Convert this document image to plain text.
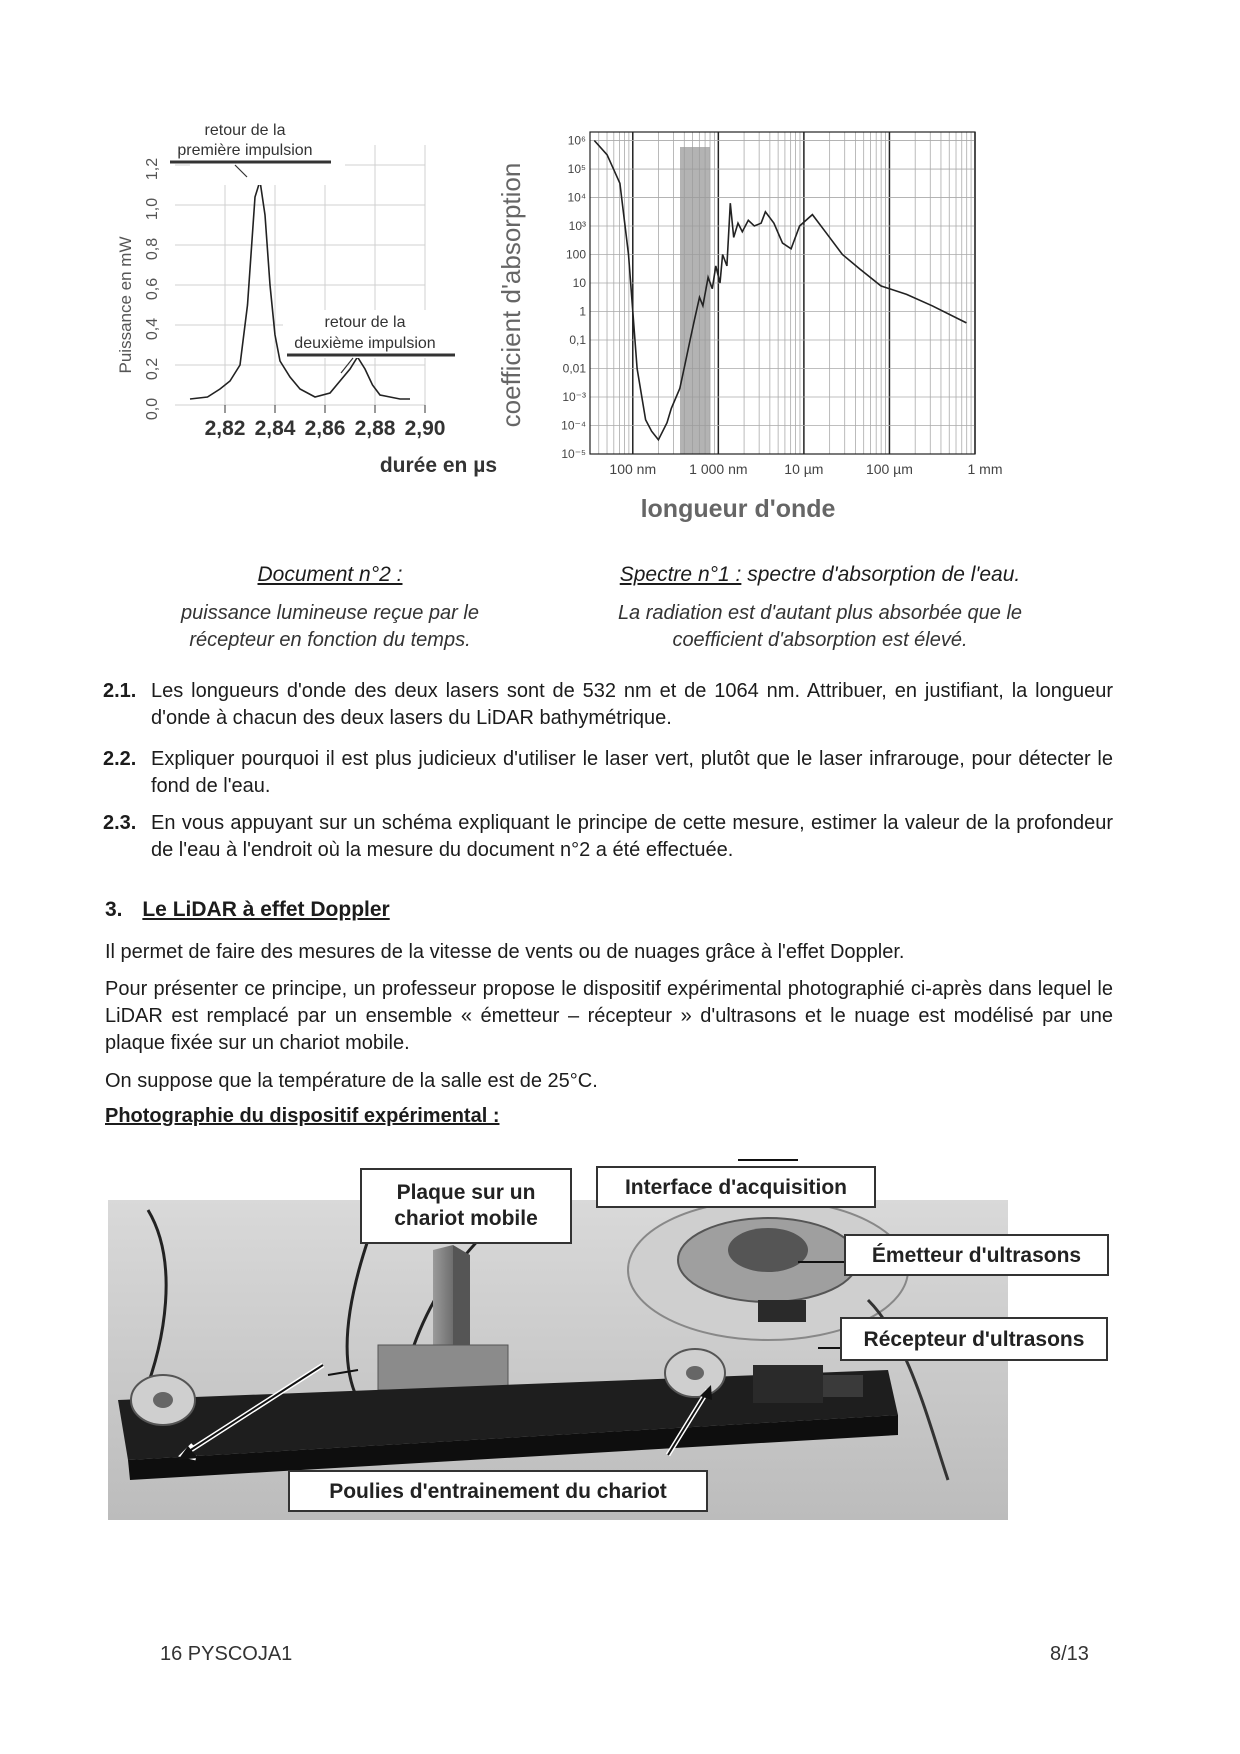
0,0
0,2
0,4
0,6
0,8
1,0
1,2
2,82 2,84 2,86 2,88 2,90
Puissance en mW
durée en µs
retour de la
première impulsion
retour de la
deuxième impulsion
10⁶
10⁵
10⁴
10³
100
10
1
0,1
0,01
10⁻³
10⁻⁴
10⁻⁵
100 nm 1 000 nm	10 µm	100 µm	1 mm
coefficient d'absorption
longueur d'onde
Document n°2 :
puissance lumineuse reçue par le
récepteur en fonction du temps.
Spectre n°1 : spectre d'absorption de l'eau.
La radiation est d'autant plus absorbée que le
coefficient d'absorption est élevé.
2.1. Les longueurs d'onde des deux lasers sont de 532 nm et de 1064 nm. Attribuer, en justifiant, la longueur d'onde à chacun des deux lasers du LiDAR bathymétrique.
2.2. Expliquer pourquoi il est plus judicieux d'utiliser le laser vert, plutôt que le laser infrarouge, pour détecter le fond de l'eau.
2.3. En vous appuyant sur un schéma expliquant le principe de cette mesure, estimer la valeur de la profondeur de l'eau à l'endroit où la mesure du document n°2 a été effectuée.
3. Le LiDAR à effet Doppler
Il permet de faire des mesures de la vitesse de vents ou de nuages grâce à l'effet Doppler.
Pour présenter ce principe, un professeur propose le dispositif expérimental photographié ci-après dans lequel le LiDAR est remplacé par un ensemble « émetteur – récepteur » d'ultrasons et le nuage est modélisé par une plaque fixée sur un chariot mobile.
On suppose que la température de la salle est de 25°C.
Photographie du dispositif expérimental :
Plaque sur un
chariot mobile
Interface d'acquisition
Émetteur d'ultrasons
Récepteur d'ultrasons
Poulies d'entrainement du chariot
16 PYSCOJA1	8/13
